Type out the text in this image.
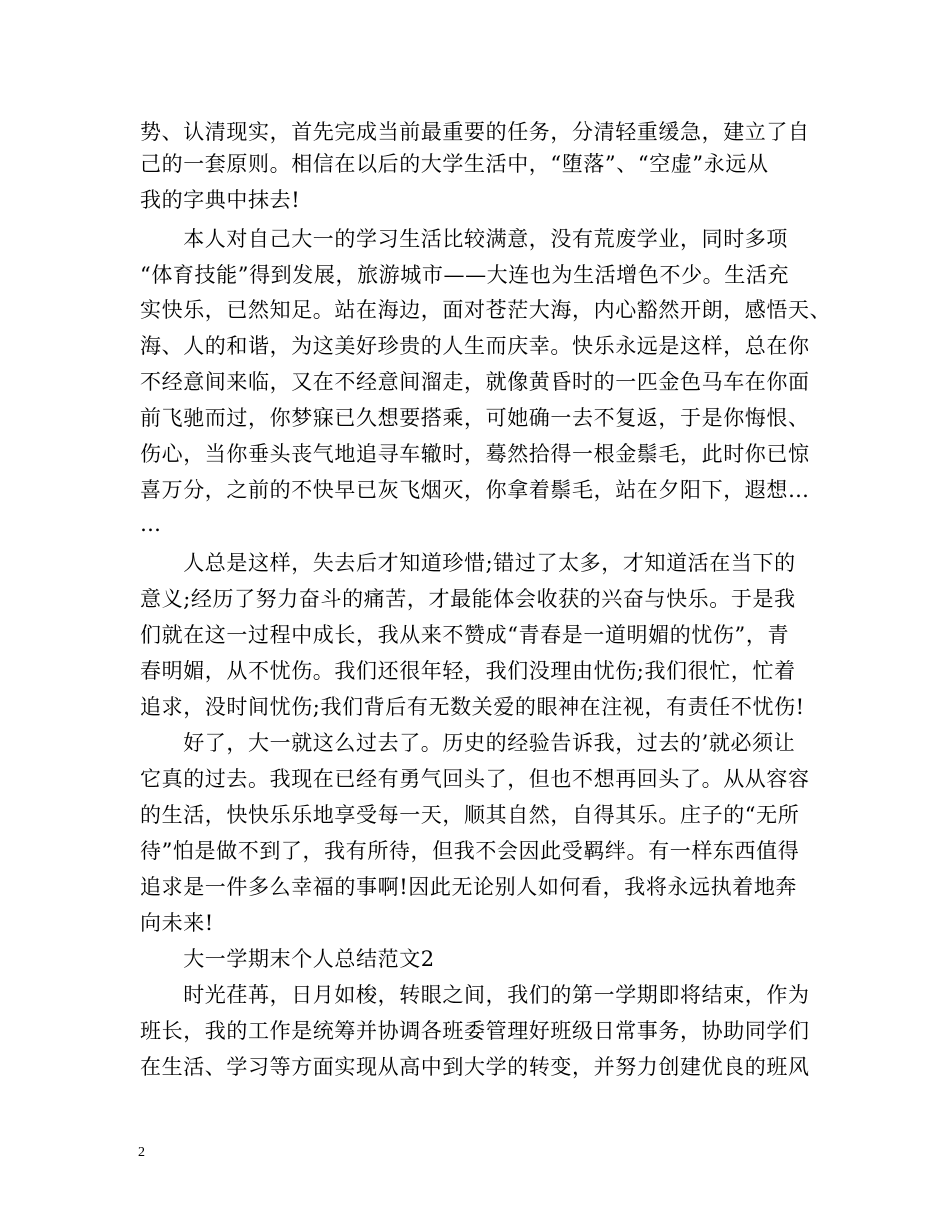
势、认清现实，首先完成当前最重要的任务，分清轻重缓急，建立了自
己的一套原则。相信在以后的大学生活中，“堕落”、“空虚”永远从
我的字典中抹去!
　　本人对自己大一的学习生活比较满意，没有荒废学业，同时多项
“体育技能”得到发展，旅游城市——大连也为生活增色不少。生活充
实快乐，已然知足。站在海边，面对苍茫大海，内心豁然开朗，感悟天、
海、人的和谐，为这美好珍贵的人生而庆幸。快乐永远是这样，总在你
不经意间来临，又在不经意间溜走，就像黄昏时的一匹金色马车在你面
前飞驰而过，你梦寐已久想要搭乘，可她确一去不复返，于是你悔恨、
伤心，当你垂头丧气地追寻车辙时，蓦然拾得一根金鬃毛，此时你已惊
喜万分，之前的不快早已灰飞烟灭，你拿着鬃毛，站在夕阳下，遐想…
…
　　人总是这样，失去后才知道珍惜;错过了太多，才知道活在当下的
意义;经历了努力奋斗的痛苦，才最能体会收获的兴奋与快乐。于是我
们就在这一过程中成长，我从来不赞成“青春是一道明媚的忧伤”，青
春明媚，从不忧伤。我们还很年轻，我们没理由忧伤;我们很忙，忙着
追求，没时间忧伤;我们背后有无数关爱的眼神在注视，有责任不忧伤!
　　好了，大一就这么过去了。历史的经验告诉我，过去的’就必须让
它真的过去。我现在已经有勇气回头了，但也不想再回头了。从从容容
的生活，快快乐乐地享受每一天，顺其自然，自得其乐。庄子的“无所
待”怕是做不到了，我有所待，但我不会因此受羁绊。有一样东西值得
追求是一件多么幸福的事啊!因此无论别人如何看，我将永远执着地奔
向未来!
　　大一学期末个人总结范文2
　　时光荏苒，日月如梭，转眼之间，我们的第一学期即将结束，作为
班长，我的工作是统筹并协调各班委管理好班级日常事务，协助同学们
在生活、学习等方面实现从高中到大学的转变，并努力创建优良的班风
2
